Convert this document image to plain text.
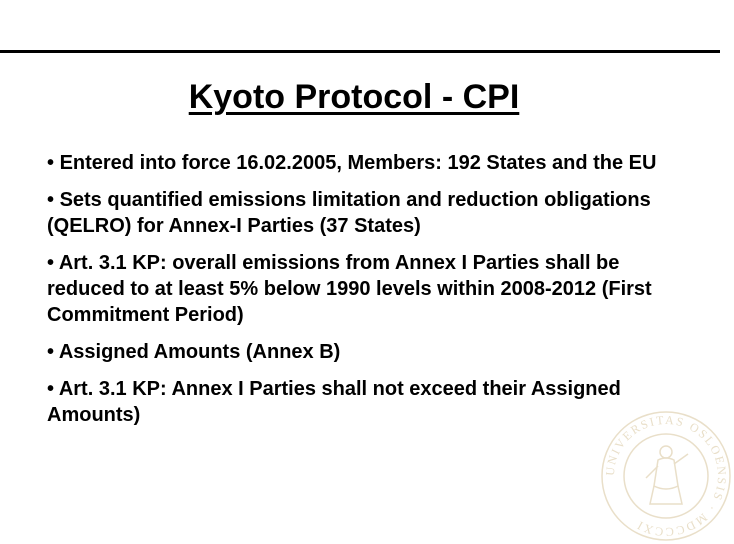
Kyoto Protocol - CPI
• Entered into force 16.02.2005, Members: 192 States and the EU
• Sets quantified emissions limitation and reduction obligations (QELRO) for Annex-I Parties (37 States)
• Art. 3.1 KP: overall emissions from Annex I Parties shall be reduced to at least 5% below 1990 levels within 2008-2012 (First Commitment Period)
• Assigned Amounts (Annex B)
• Art. 3.1 KP: Annex I Parties shall not exceed their Assigned Amounts)
UNIVERSITAS OSLOENSIS · MDCCCXI
